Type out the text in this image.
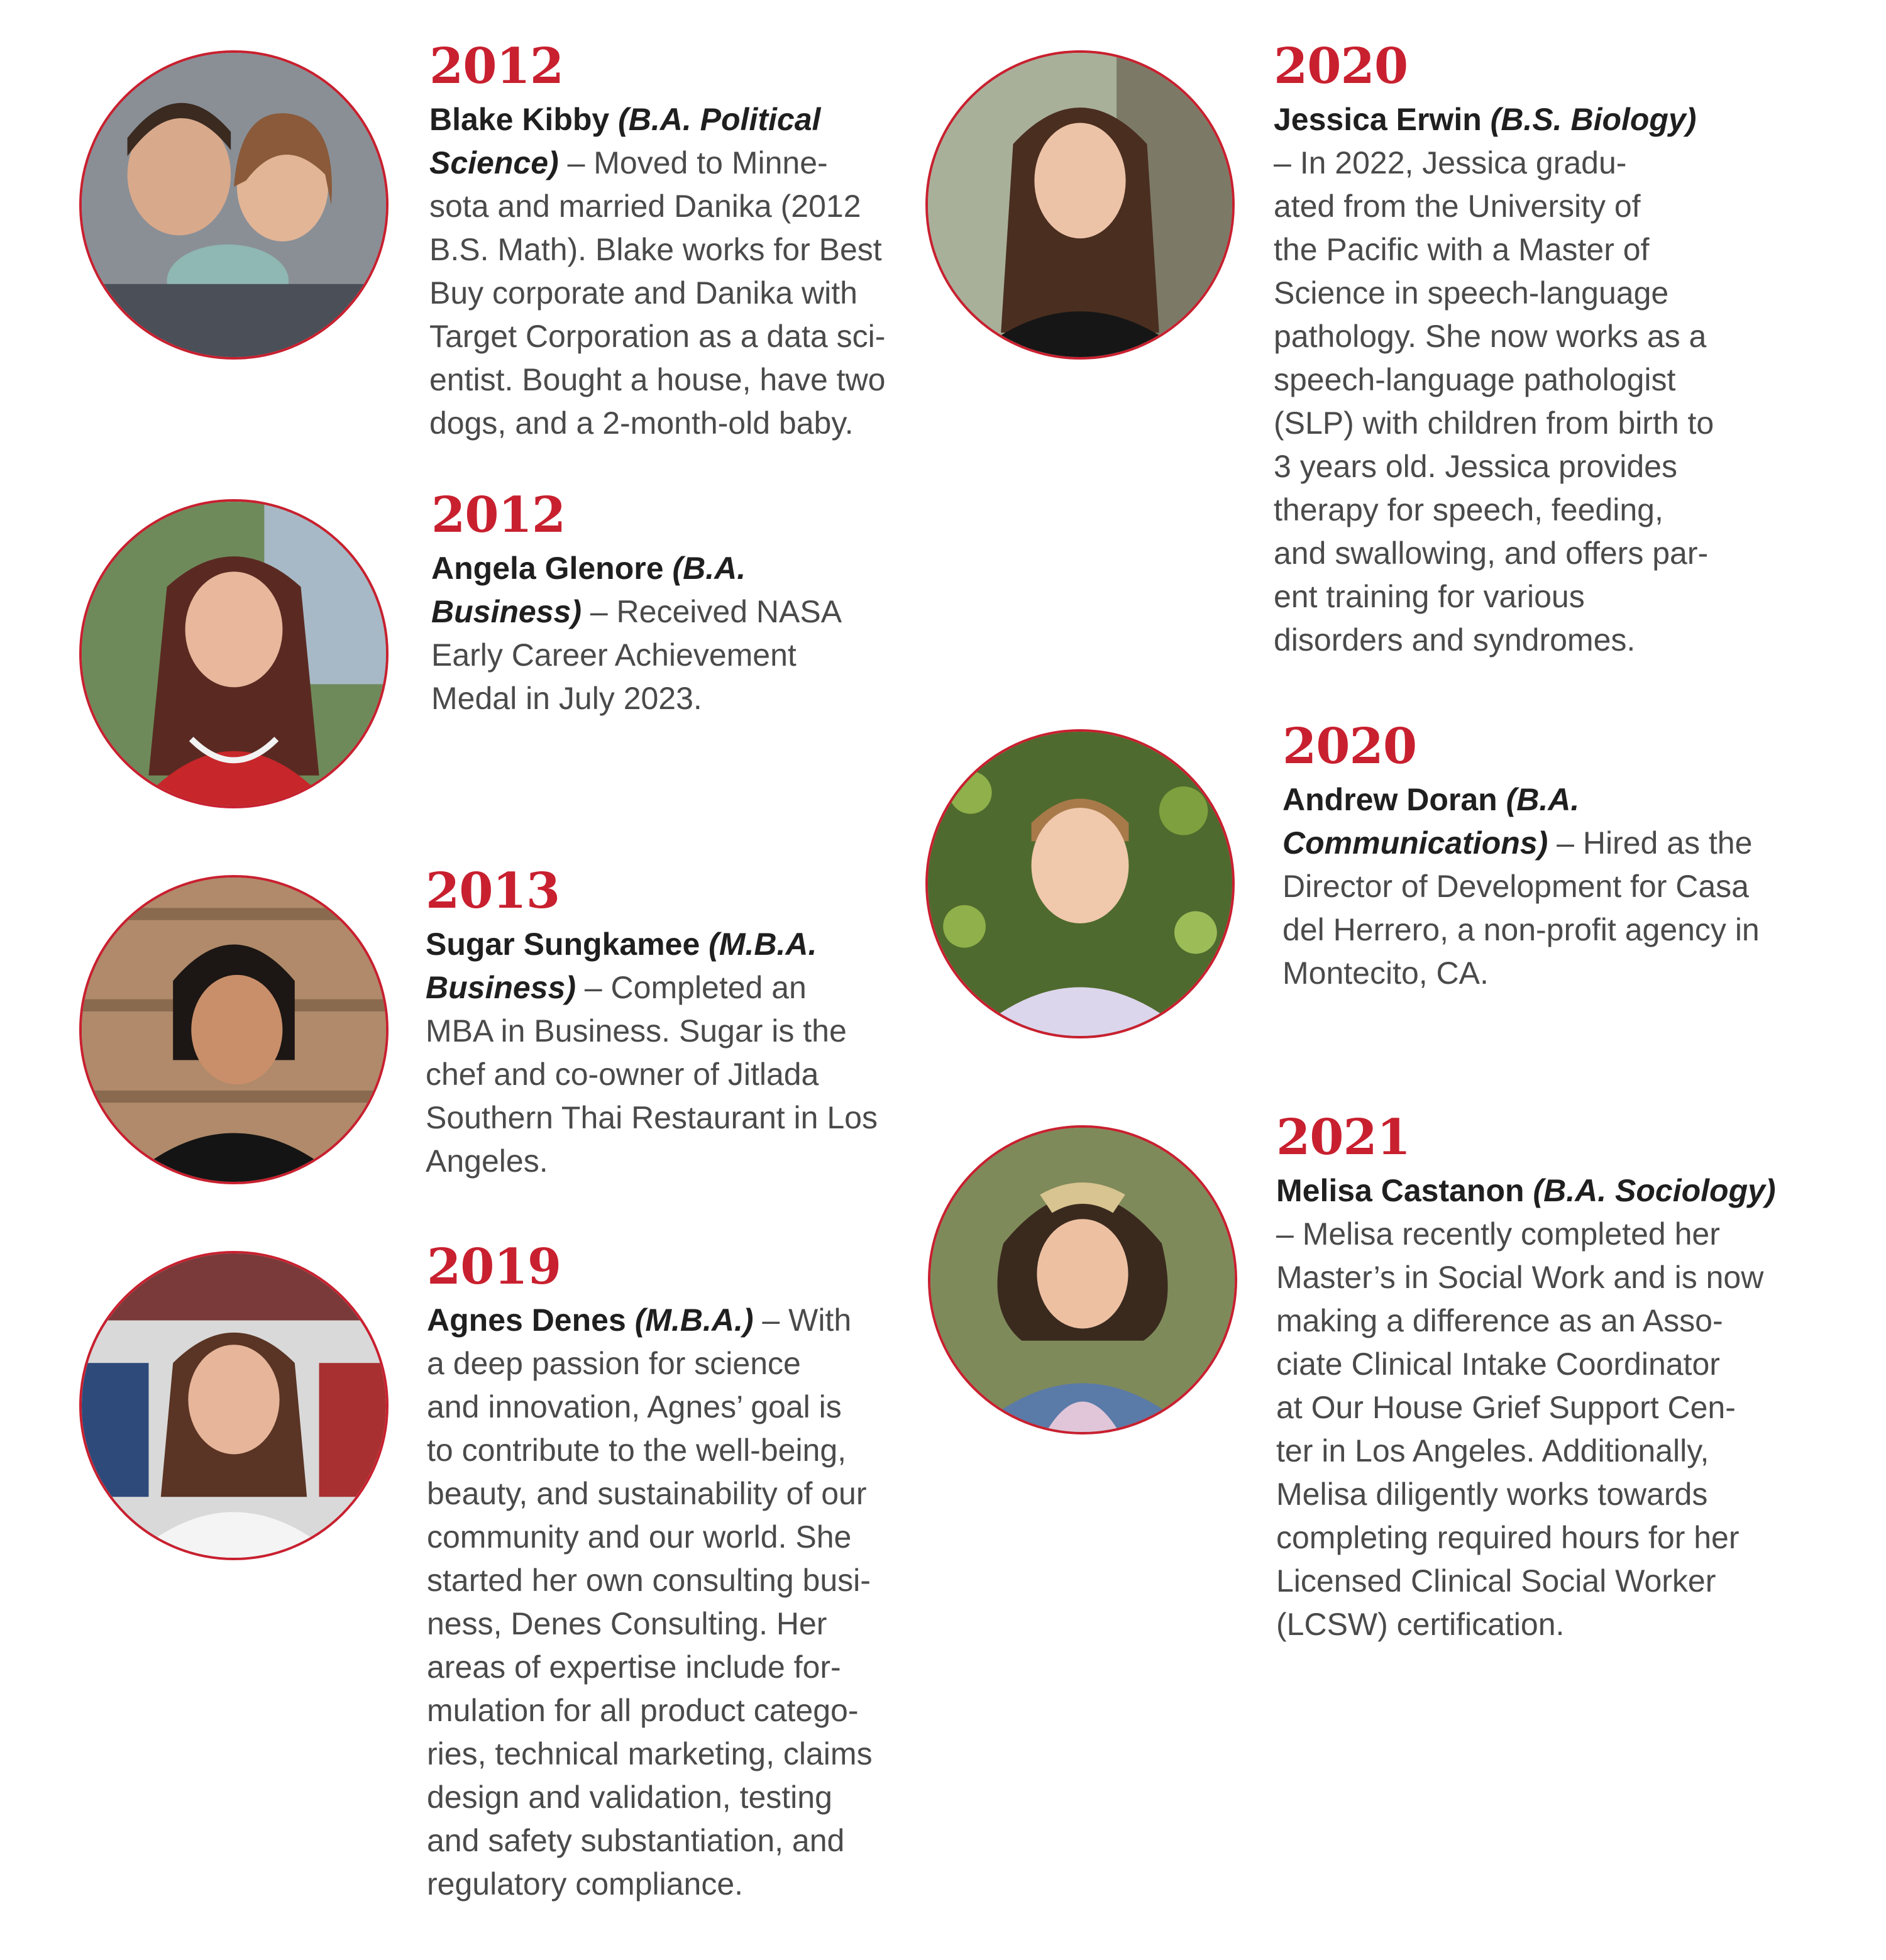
2012
Blake Kibby (B.A. Political
Science) – Moved to Minne-
sota and married Danika (2012
B.S. Math). Blake works for Best
Buy corporate and Danika with
Target Corporation as a data sci-
entist. Bought a house, have two
dogs, and a 2-month-old baby.
2012
Angela Glenore (B.A.
Business) – Received NASA
Early Career Achievement
Medal in July 2023.
2013
Sugar Sungkamee (M.B.A.
Business) – Completed an
MBA in Business. Sugar is the
chef and co-owner of Jitlada
Southern Thai Restaurant in Los
Angeles.
2019
Agnes Denes (M.B.A.) – With
a deep passion for science
and innovation, Agnes’ goal is
to contribute to the well-being,
beauty, and sustainability of our
community and our world. She
started her own consulting busi-
ness, Denes Consulting. Her
areas of expertise include for-
mulation for all product catego-
ries, technical marketing, claims
design and validation, testing
and safety substantiation, and
regulatory compliance.
2020
Jessica Erwin (B.S. Biology)
– In 2022, Jessica gradu-
ated from the University of
the Pacific with a Master of
Science in speech-language
pathology. She now works as a
speech-language pathologist
(SLP) with children from birth to
3 years old. Jessica provides
therapy for speech, feeding,
and swallowing, and offers par-
ent training for various
disorders and syndromes.
2020
Andrew Doran (B.A.
Communications) – Hired as the
Director of Development for Casa
del Herrero, a non-profit agency in
Montecito, CA.
2021
Melisa Castanon (B.A. Sociology)
– Melisa recently completed her
Master’s in Social Work and is now
making a difference as an Asso-
ciate Clinical Intake Coordinator
at Our House Grief Support Cen-
ter in Los Angeles. Additionally,
Melisa diligently works towards
completing required hours for her
Licensed Clinical Social Worker
(LCSW) certification.
